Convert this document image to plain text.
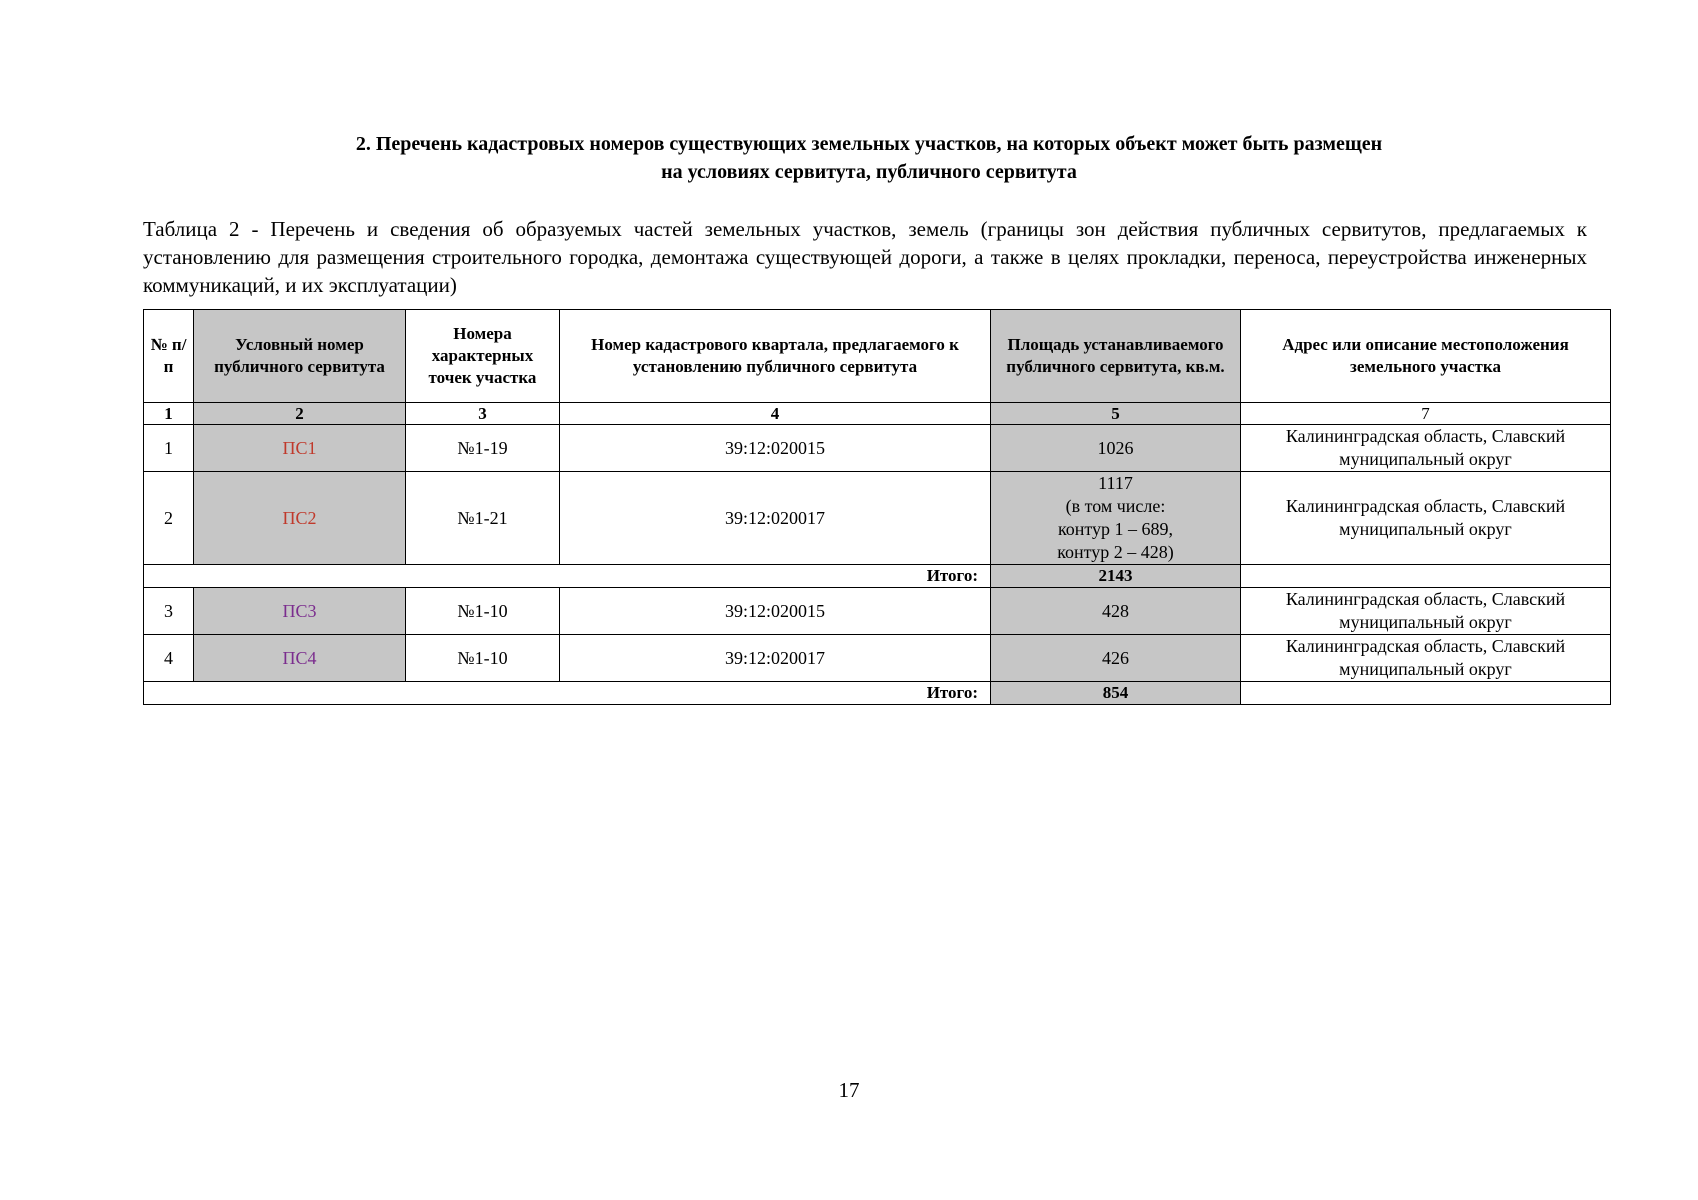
2. Перечень кадастровых номеров существующих земельных участков, на которых объект может быть размещен
на условиях сервитута, публичного сервитута
Таблица 2 - Перечень и сведения об образуемых частей земельных участков, земель (границы зон действия публичных сервитутов, предлагаемых к установлению для размещения строительного городка, демонтажа существующей дороги, а также в целях прокладки, переноса, переустройства инженерных коммуникаций, и их эксплуатации)
№ п/п	Условный номер публичного сервитута	Номера характерных точек участка	Номер кадастрового квартала, предлагаемого к установлению публичного сервитута	Площадь устанавливаемого публичного сервитута, кв.м.	Адрес или описание местоположения земельного участка
1	2	3	4	5	7
1	ПС1	№1-19	39:12:020015	1026	Калининградская область, Славский муниципальный округ
2	ПС2	№1-21	39:12:020017	1117
(в том числе:
контур 1 – 689,
контур 2 – 428)	Калининградская область, Славский муниципальный округ
Итого:				2143	
3	ПС3	№1-10	39:12:020015	428	Калининградская область, Славский муниципальный округ
4	ПС4	№1-10	39:12:020017	426	Калининградская область, Славский муниципальный округ
Итого:				854	
17
